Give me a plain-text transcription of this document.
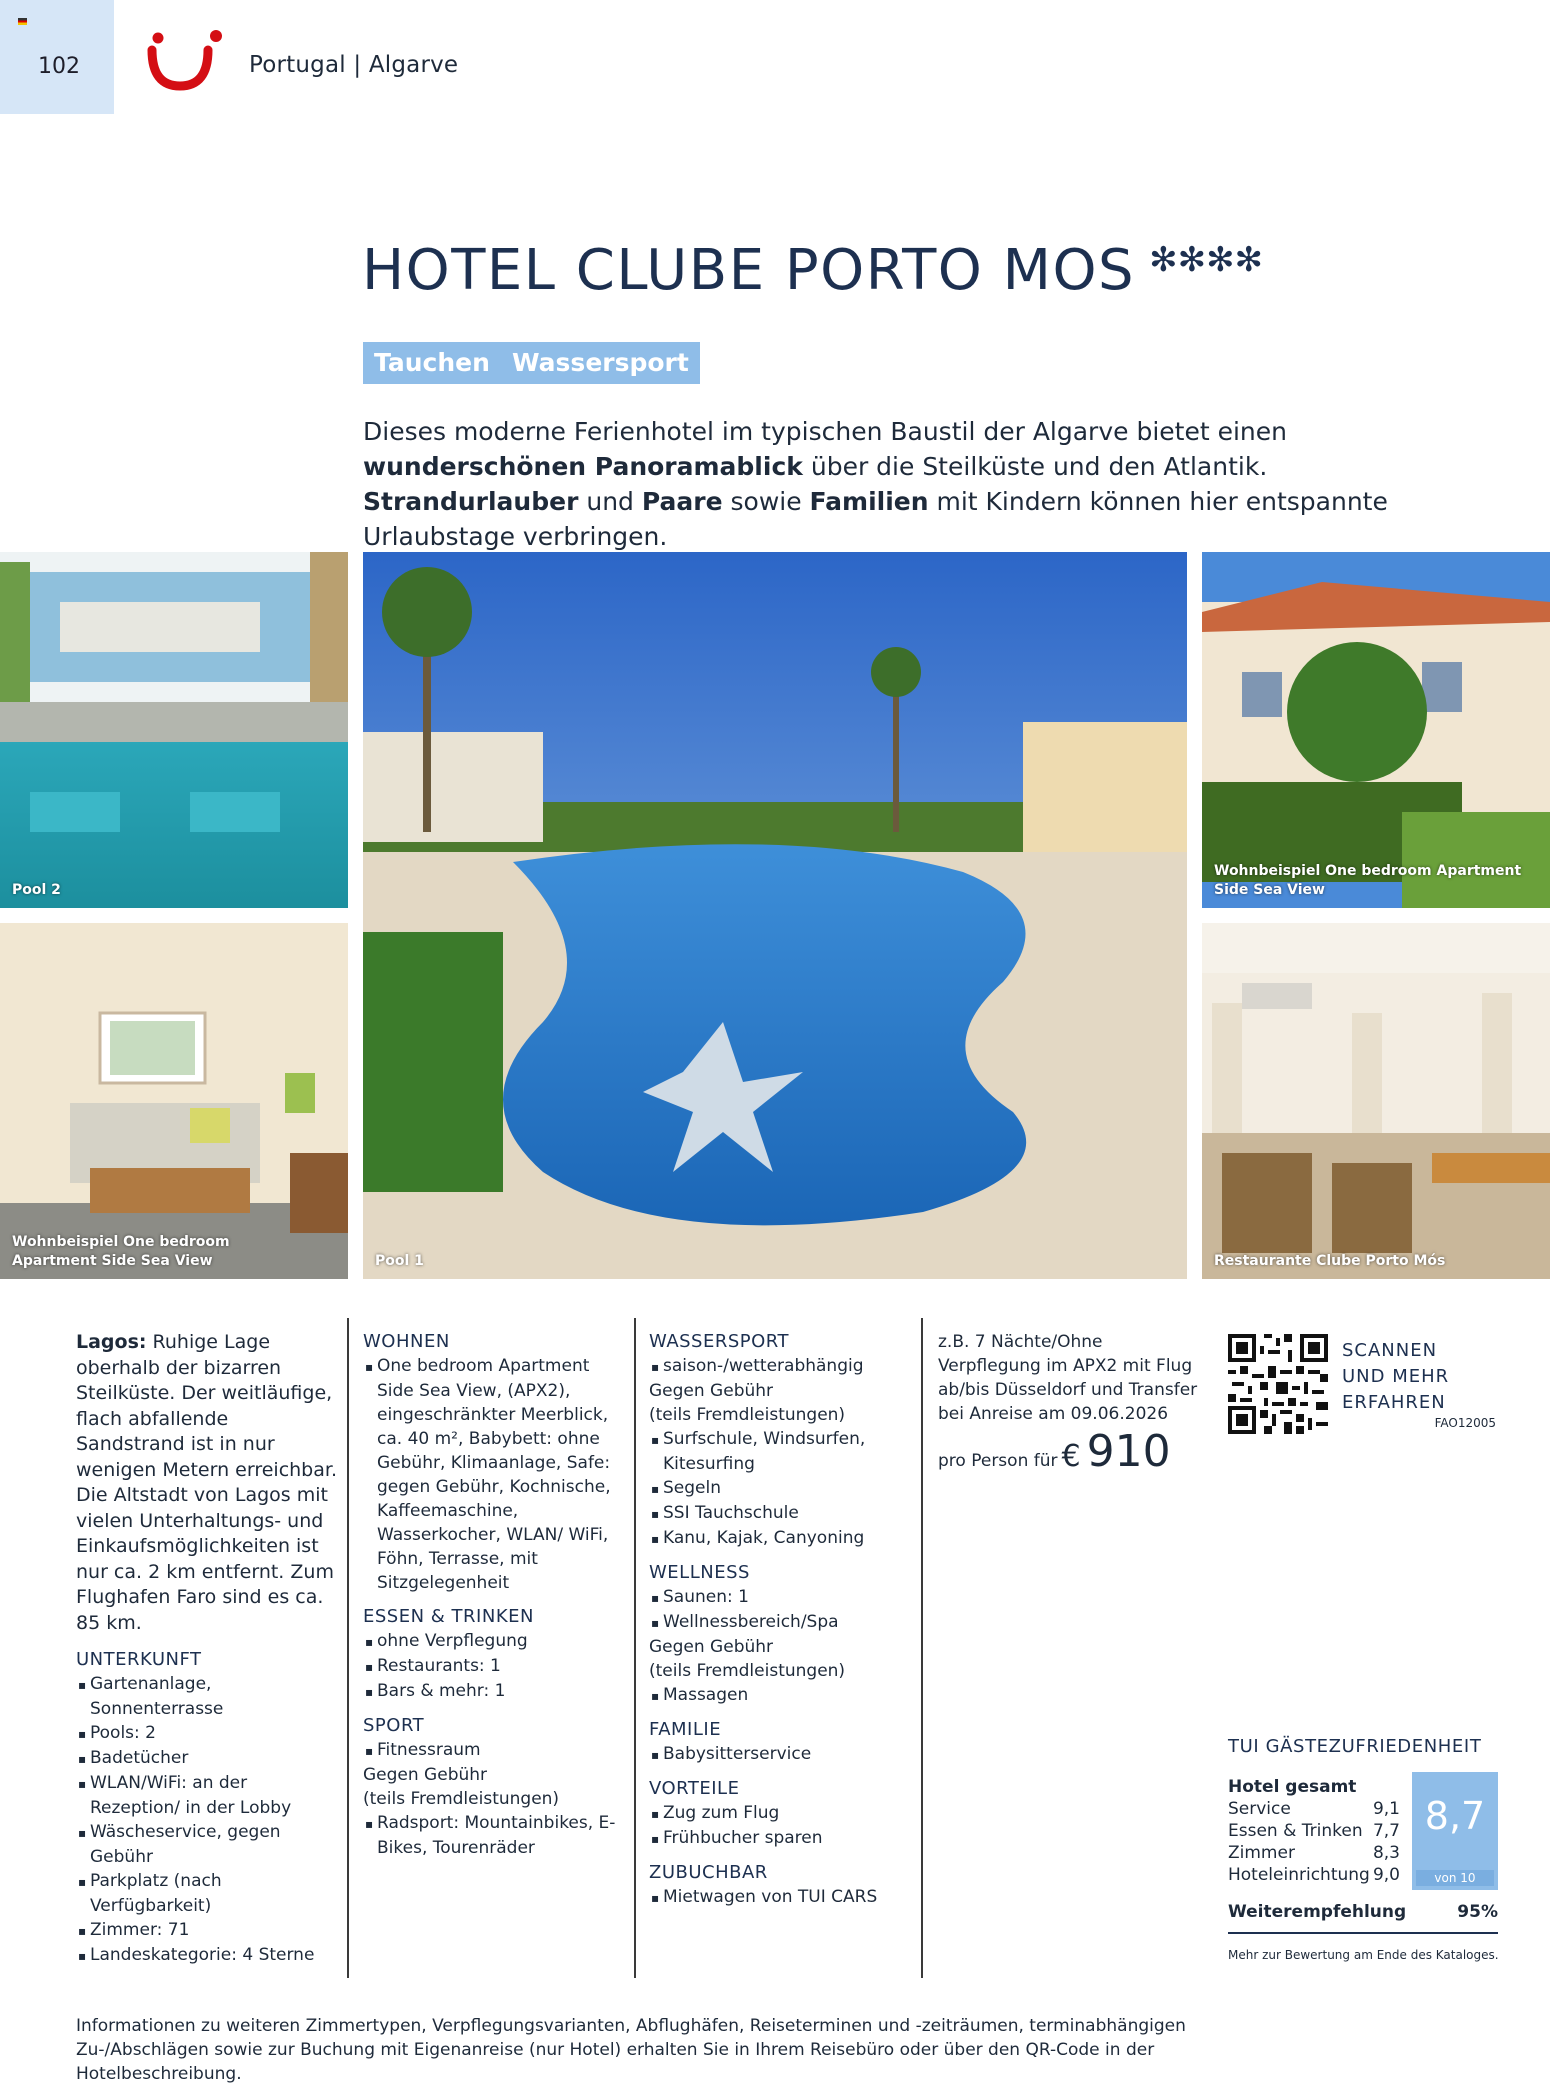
102	Portugal | Algarve
HOTEL CLUBE PORTO MOS ✻✻✻✻
Tauchen Wassersport

Dieses moderne Ferienhotel im typischen Baustil der Algarve bietet einen wunderschönen Panoramablick über die Steilküste und den Atlantik. Strandurlauber und Paare sowie Familien mit Kindern können hier entspannte Urlaubstage verbringen.

Pool 2
Wohnbeispiel One bedroom
Apartment Side Sea View	Pool 1
Wohnbeispiel One bedroom Apartment
Side Sea View
Restaurante Clube Porto Mós

Lagos: Ruhige Lage oberhalb der bizarren Steilküste. Der weitläufige, flach abfallende Sandstrand ist in nur wenigen Metern erreichbar. Die Altstadt von Lagos mit vielen Unterhaltungs- und Einkaufsmöglichkeiten ist nur ca. 2 km entfernt. Zum Flughafen Faro sind es ca. 85 km.

UNTERKUNFT
▪ Gartenanlage, Sonnenterrasse
▪ Pools: 2
▪ Badetücher
▪ WLAN/WiFi: an der Rezeption/ in der Lobby
▪ Wäscheservice, gegen Gebühr
▪ Parkplatz (nach Verfügbarkeit)
▪ Zimmer: 71
▪ Landeskategorie: 4 Sterne
WOHNEN
▪ One bedroom Apartment Side Sea View, (APX2), eingeschränkter Meerblick, ca. 40 m², Babybett: ohne Gebühr, Klimaanlage, Safe: gegen Gebühr, Kochnische, Kaffeemaschine, Wasserkocher, WLAN/ WiFi, Föhn, Terrasse, mit Sitzgelegenheit
ESSEN & TRINKEN
▪ ohne Verpflegung
▪ Restaurants: 1
▪ Bars & mehr: 1
SPORT
▪ Fitnessraum
Gegen Gebühr
(teils Fremdleistungen)
▪ Radsport: Mountainbikes, E-Bikes, Tourenräder
WASSERSPORT
▪ saison-/wetterabhängig
Gegen Gebühr
(teils Fremdleistungen)
▪ Surfschule, Windsurfen, Kitesurfing
▪ Segeln
▪ SSI Tauchschule
▪ Kanu, Kajak, Canyoning
WELLNESS
▪ Saunen: 1
▪ Wellnessbereich/Spa
Gegen Gebühr
(teils Fremdleistungen)
▪ Massagen
FAMILIE
▪ Babysitterservice
VORTEILE
▪ Zug zum Flug
▪ Frühbucher sparen
ZUBUCHBAR
▪ Mietwagen von TUI CARS

z.B. 7 Nächte/Ohne Verpflegung im APX2 mit Flug ab/bis Düsseldorf und Transfer bei Anreise am 09.06.2026

pro Person für € 910
SCANNEN UND MEHR ERFAHREN
FAO12005
TUI GÄSTEZUFRIEDENHEIT
Hotel gesamt
Service	9,1
Essen & Trinken 7,7
Zimmer	8,3
Hoteleinrichtung 9,0
8,7
von 10
Weiterempfehlung	95%
Mehr zur Bewertung am Ende des Kataloges.

Informationen zu weiteren Zimmertypen, Verpflegungsvarianten, Abflughäfen, Reiseterminen und -zeiträumen, terminabhängigen Zu-/Abschlägen sowie zur Buchung mit Eigenanreise (nur Hotel) erhalten Sie in Ihrem Reisebüro oder über den QR-Code in der Hotelbeschreibung.
